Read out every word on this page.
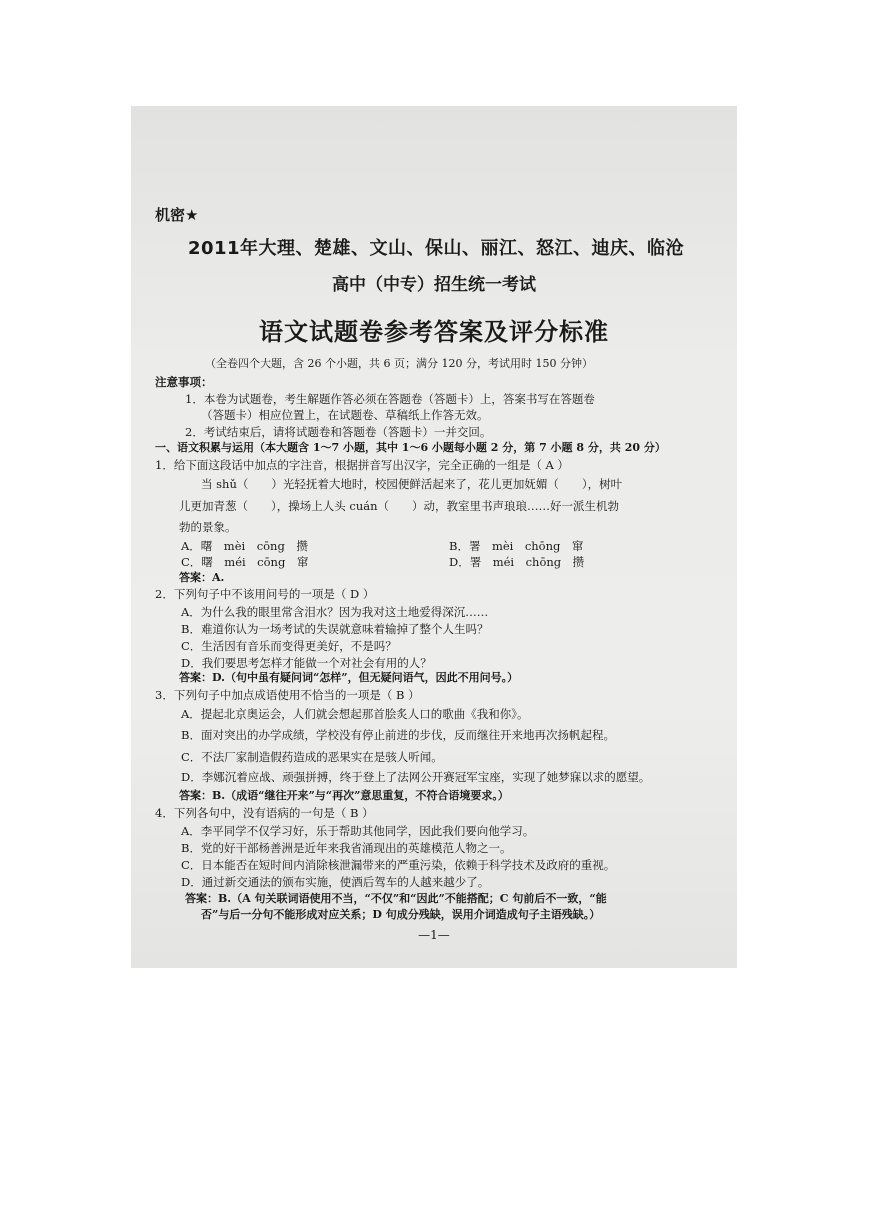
机密★
2011年大理、楚雄、文山、保山、丽江、怒江、迪庆、临沧
高中（中专）招生统一考试
语文试题卷参考答案及评分标准
（全卷四个大题，含 26 个小题，共 6 页；满分 120 分，考试用时 150 分钟）
注意事项：
1．本卷为试题卷，考生解题作答必须在答题卷（答题卡）上，答案书写在答题卷
（答题卡）相应位置上，在试题卷、草稿纸上作答无效。
2．考试结束后，请将试题卷和答题卷（答题卡）一并交回。
一、语文积累与运用（本大题含 1～7 小题，其中 1～6 小题每小题 2 分，第 7 小题 8 分，共 20 分）
1．给下面这段话中加点的字注音，根据拼音写出汉字，完全正确的一组是（ A ）
当 shǔ（　　）光轻抚着大地时，校园便鲜活起来了，花儿更加妩媚（　　），树叶
儿更加青葱（　　），操场上人头 cuán（　　）动，教室里书声琅琅……好一派生机勃
勃的景象。
A．曙　mèi　cōng　攒	B．署　mèi　chōng　窜
C．曙　méi　cōng　窜	D．署　méi　chōng　攒
答案：A.
2．下列句子中不该用问号的一项是（ D ）
A．为什么我的眼里常含泪水？因为我对这土地爱得深沉……
B．难道你认为一场考试的失误就意味着输掉了整个人生吗？
C．生活因有音乐而变得更美好，不是吗？
D．我们要思考怎样才能做一个对社会有用的人？
答案：D.（句中虽有疑问词“怎样”，但无疑问语气，因此不用问号。）
3．下列句子中加点成语使用不恰当的一项是（ B ）
A．提起北京奥运会，人们就会想起那首脍炙人口的歌曲《我和你》。
B．面对突出的办学成绩，学校没有停止前进的步伐，反而继往开来地再次扬帆起程。
C．不法厂家制造假药造成的恶果实在是骇人听闻。
D．李娜沉着应战、顽强拼搏，终于登上了法网公开赛冠军宝座，实现了她梦寐以求的愿望。
答案：B.（成语“继往开来”与“再次”意思重复，不符合语境要求。）
4．下列各句中，没有语病的一句是（ B ）
A．李平同学不仅学习好，乐于帮助其他同学，因此我们要向他学习。
B．党的好干部杨善洲是近年来我省涌现出的英雄模范人物之一。
C．日本能否在短时间内消除核泄漏带来的严重污染，依赖于科学技术及政府的重视。
D．通过新交通法的颁布实施，使酒后驾车的人越来越少了。
答案：B.（A 句关联词语使用不当，“不仅”和“因此”不能搭配；C 句前后不一致，“能
否”与后一分句不能形成对应关系；D 句成分残缺，误用介词造成句子主语残缺。）
—1—
